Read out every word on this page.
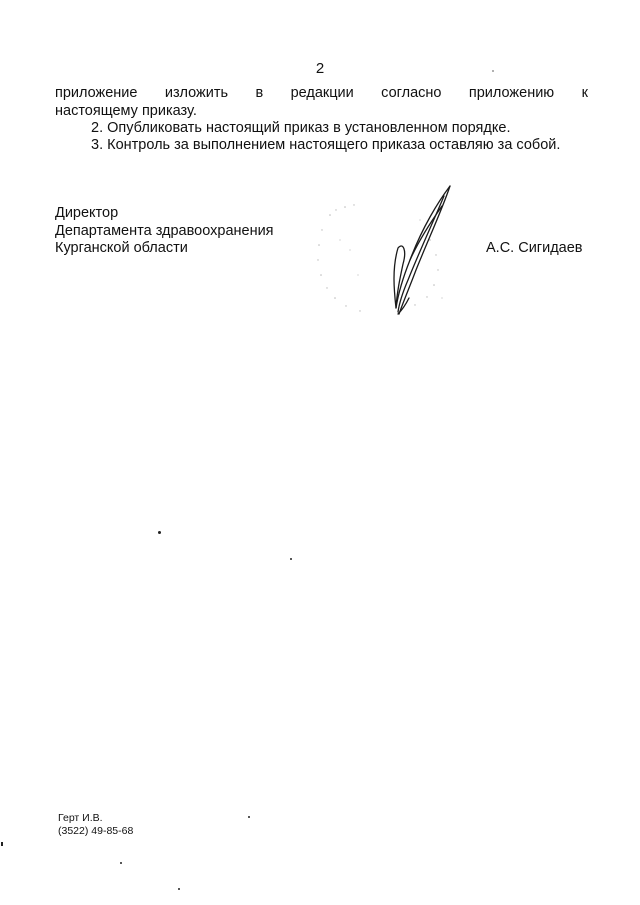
2
приложение изложить в редакции согласно приложению к
настоящему приказу.
2. Опубликовать настоящий приказ в установленном порядке.
3. Контроль за выполнением настоящего приказа оставляю за собой.
Директор
Департамента здравоохранения
Курганской области	А.С. Сигидаев
Герт И.В.
(3522) 49-85-68
